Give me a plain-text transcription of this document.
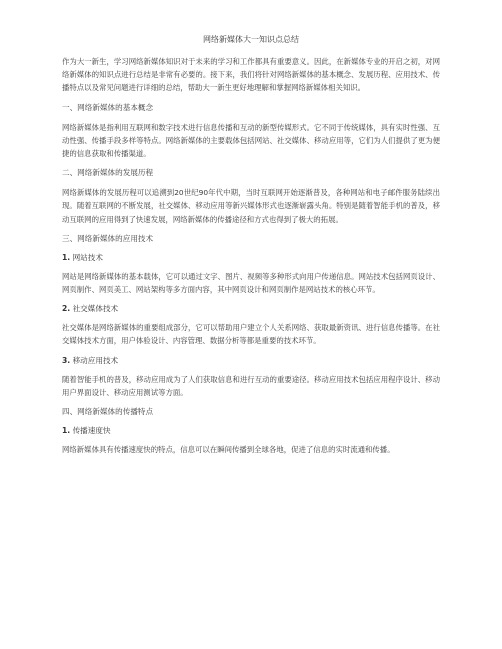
网络新媒体大一知识点总结

作为大一新生，学习网络新媒体知识对于未来的学习和工作都具有重要意义。因此，在新媒体专业的开启之初，对网络新媒体的知识点进行总结是非常有必要的。接下来，我们将针对网络新媒体的基本概念、发展历程、应用技术、传播特点以及常见问题进行详细的总结，帮助大一新生更好地理解和掌握网络新媒体相关知识。

一、网络新媒体的基本概念

网络新媒体是指利用互联网和数字技术进行信息传播和互动的新型传媒形式。它不同于传统媒体，具有实时性强、互动性强、传播手段多样等特点。网络新媒体的主要载体包括网站、社交媒体、移动应用等，它们为人们提供了更为便捷的信息获取和传播渠道。

二、网络新媒体的发展历程

网络新媒体的发展历程可以追溯到20世纪90年代中期，当时互联网开始逐渐普及，各种网站和电子邮件服务陆续出现。随着互联网的不断发展，社交媒体、移动应用等新兴媒体形式也逐渐崭露头角。特别是随着智能手机的普及，移动互联网的应用得到了快速发展，网络新媒体的传播途径和方式也得到了极大的拓展。

三、网络新媒体的应用技术
1. 网站技术

网站是网络新媒体的基本载体，它可以通过文字、图片、视频等多种形式向用户传递信息。网站技术包括网页设计、网页制作、网页美工、网站架构等多方面内容，其中网页设计和网页制作是网站技术的核心环节。

2. 社交媒体技术

社交媒体是网络新媒体的重要组成部分，它可以帮助用户建立个人关系网络、获取最新资讯、进行信息传播等。在社交媒体技术方面，用户体验设计、内容管理、数据分析等都是重要的技术环节。

3. 移动应用技术

随着智能手机的普及，移动应用成为了人们获取信息和进行互动的重要途径。移动应用技术包括应用程序设计、移动用户界面设计、移动应用测试等方面。

四、网络新媒体的传播特点
1. 传播速度快

网络新媒体具有传播速度快的特点，信息可以在瞬间传播到全球各地，促进了信息的实时流通和传播。
